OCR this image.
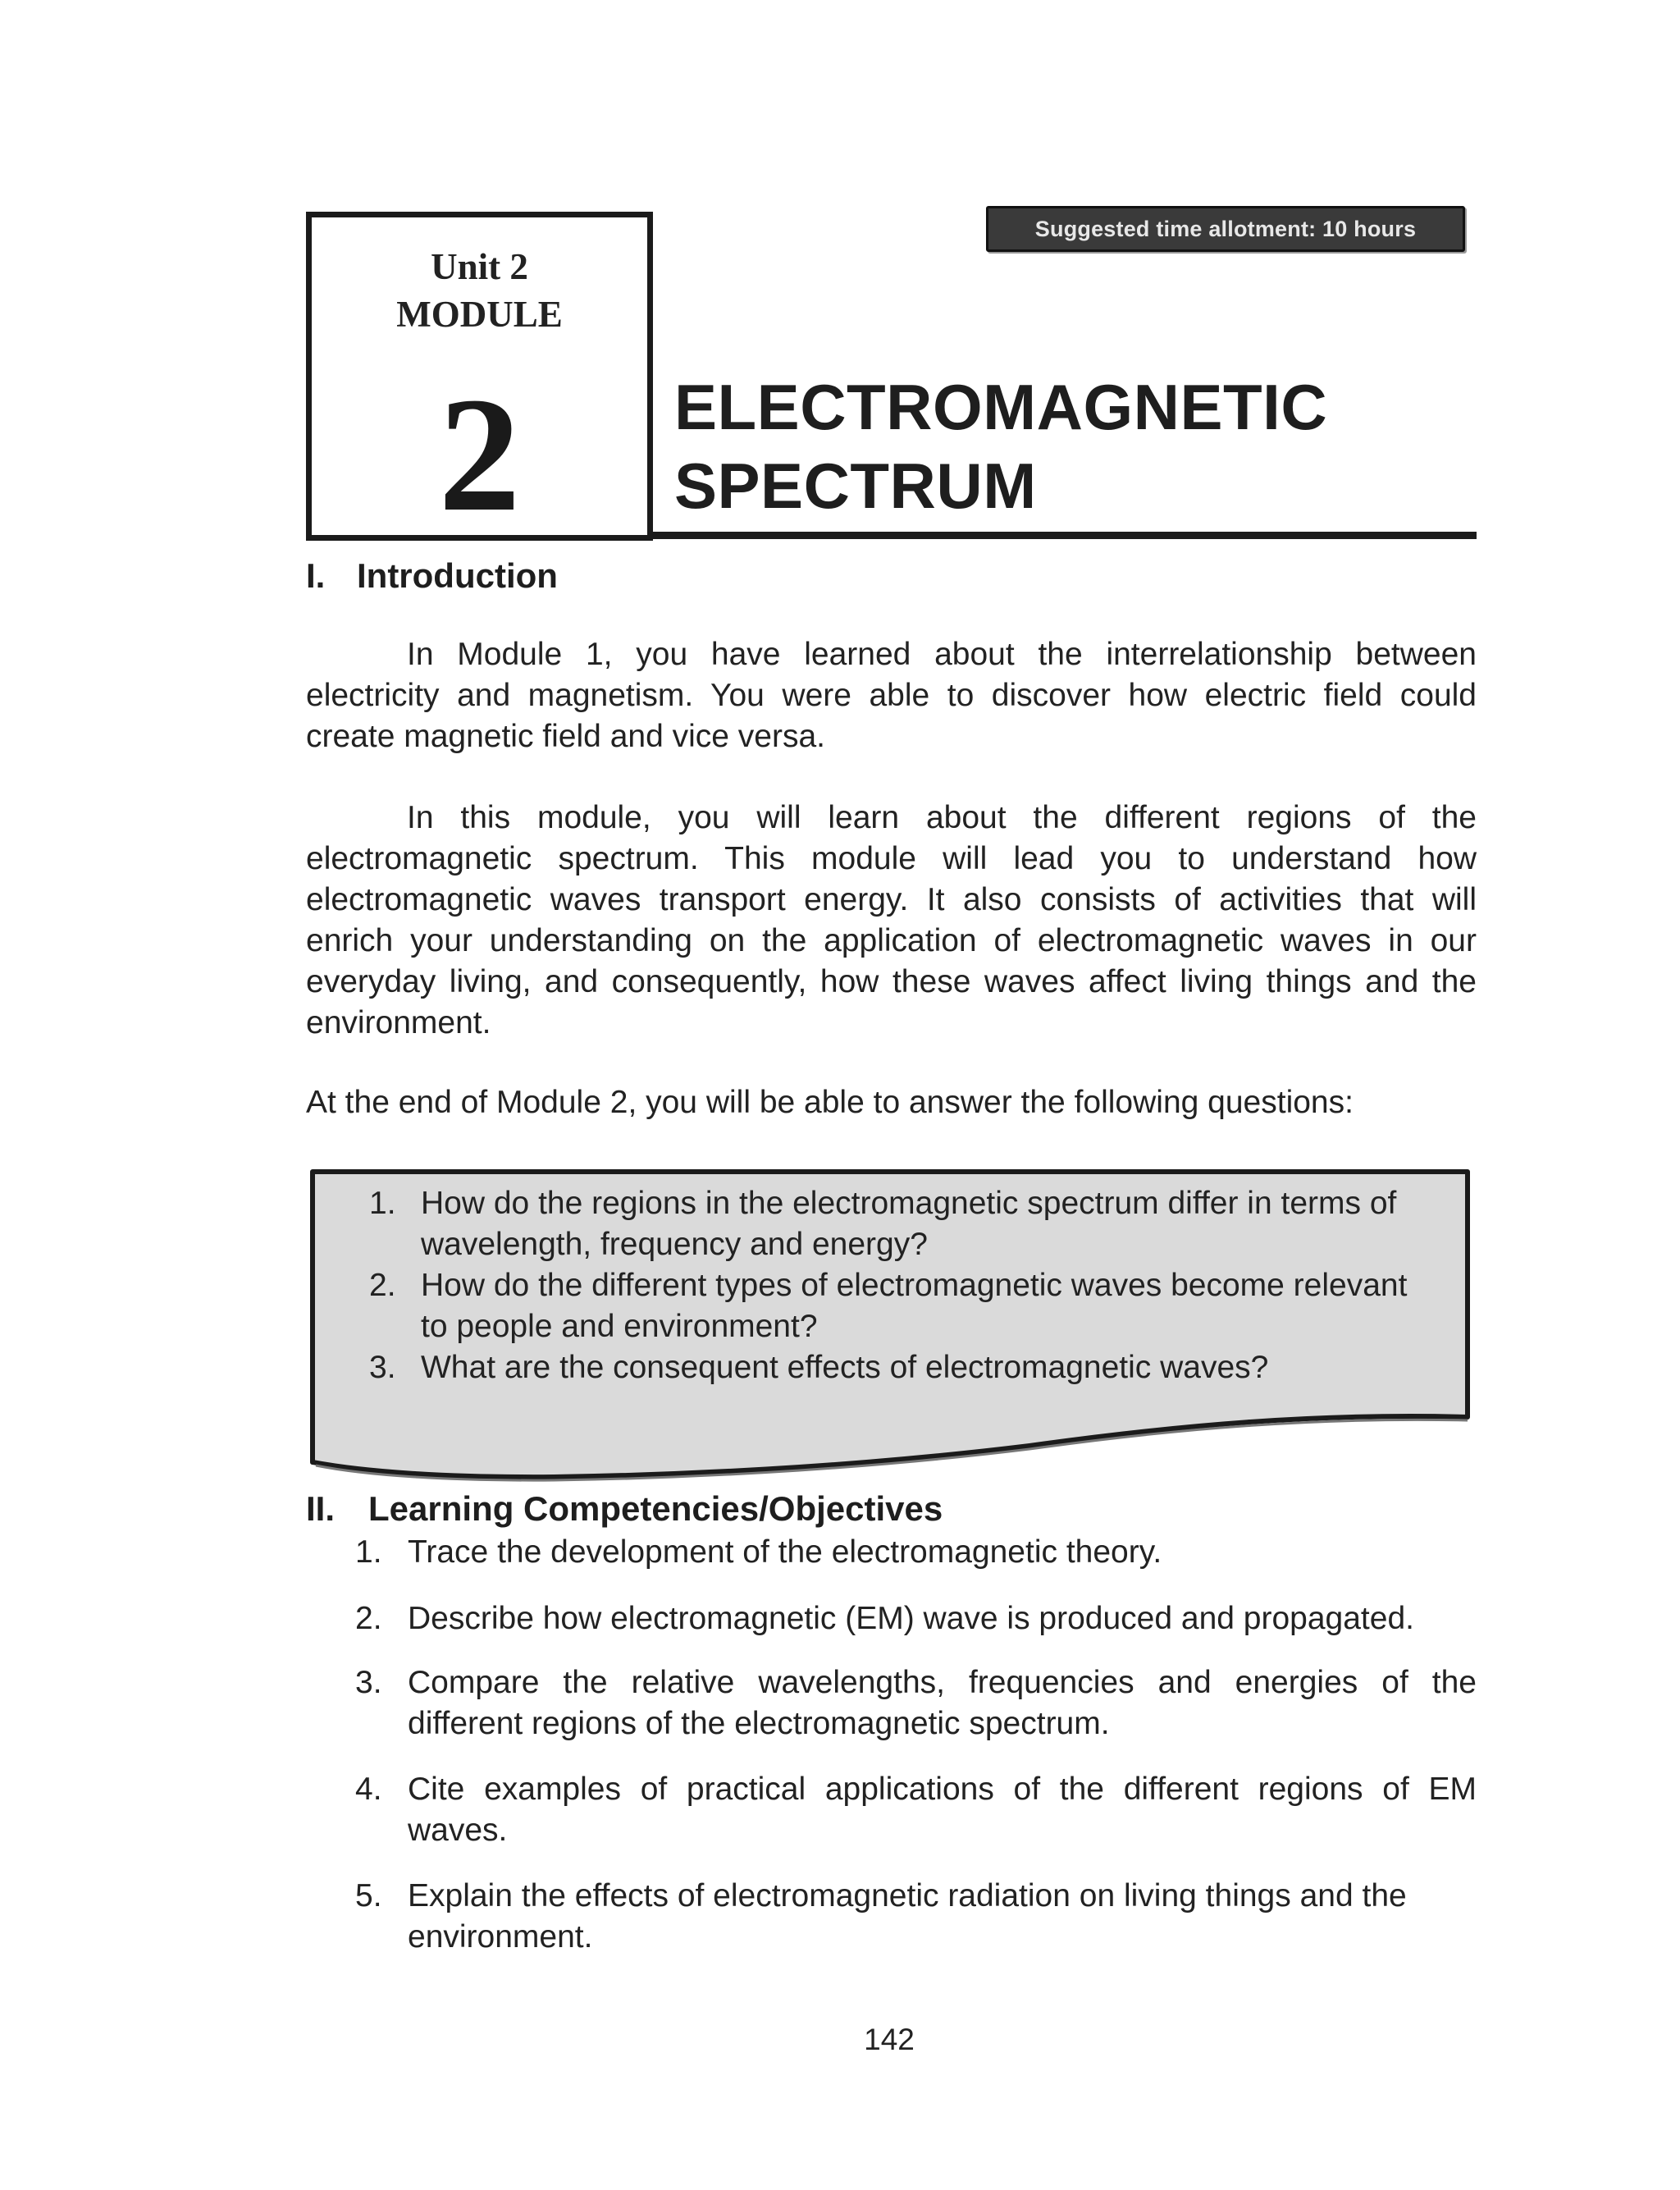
Suggested time allotment: 10 hours
Unit 2
MODULE
2	ELECTROMAGNETIC
SPECTRUM
I. Introduction
In Module 1, you have learned about the interrelationship between electricity and magnetism. You were able to discover how electric field could create magnetic field and vice versa.
In this module, you will learn about the different regions of the electromagnetic spectrum. This module will lead you to understand how electromagnetic waves transport energy. It also consists of activities that will enrich your understanding on the application of electromagnetic waves in our everyday living, and consequently, how these waves affect living things and the environment.
At the end of Module 2, you will be able to answer the following questions:
1. How do the regions in the electromagnetic spectrum differ in terms of wavelength, frequency and energy?
2. How do the different types of electromagnetic waves become relevant to people and environment?
3. What are the consequent effects of electromagnetic waves?
II. Learning Competencies/Objectives
1. Trace the development of the electromagnetic theory.
2. Describe how electromagnetic (EM) wave is produced and propagated.
3. Compare the relative wavelengths, frequencies and energies of the different regions of the electromagnetic spectrum.
4. Cite examples of practical applications of the different regions of EM waves.
5. Explain the effects of electromagnetic radiation on living things and the environment.
142
